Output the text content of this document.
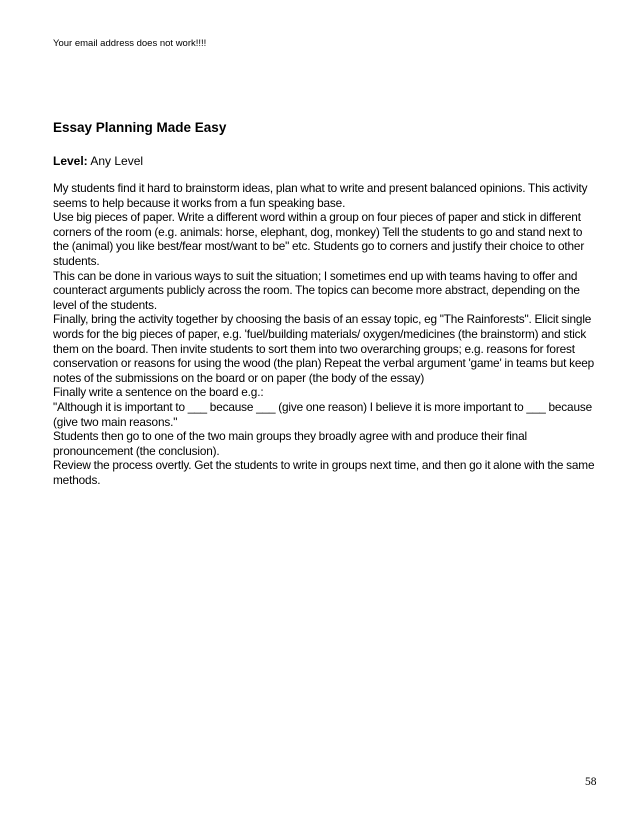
Your email address does not work!!!!
Essay Planning Made Easy
Level: Any Level

My students find it hard to brainstorm ideas, plan what to write and present balanced opinions. This activity seems to help because it works from a fun speaking base.

Use big pieces of paper. Write a different word within a group on four pieces of paper and stick in different corners of the room (e.g. animals: horse, elephant, dog, monkey) Tell the students to go and stand next to the (animal) you like best/fear most/want to be" etc. Students go to corners and justify their choice to other students.

This can be done in various ways to suit the situation; I sometimes end up with teams having to offer and counteract arguments publicly across the room. The topics can become more abstract, depending on the level of the students.

Finally, bring the activity together by choosing the basis of an essay topic, eg "The Rainforests". Elicit single words for the big pieces of paper, e.g. 'fuel/building materials/ oxygen/medicines (the brainstorm) and stick them on the board. Then invite students to sort them into two overarching groups; e.g. reasons for forest conservation or reasons for using the wood (the plan) Repeat the verbal argument 'game' in teams but keep notes of the submissions on the board or on paper (the body of the essay)

Finally write a sentence on the board e.g.:

"Although it is important to ___ because ___ (give one reason) I believe it is more important to ___ because (give two main reasons."

Students then go to one of the two main groups they broadly agree with and produce their final pronouncement (the conclusion).

Review the process overtly. Get the students to write in groups next time, and then go it alone with the same methods.

58
